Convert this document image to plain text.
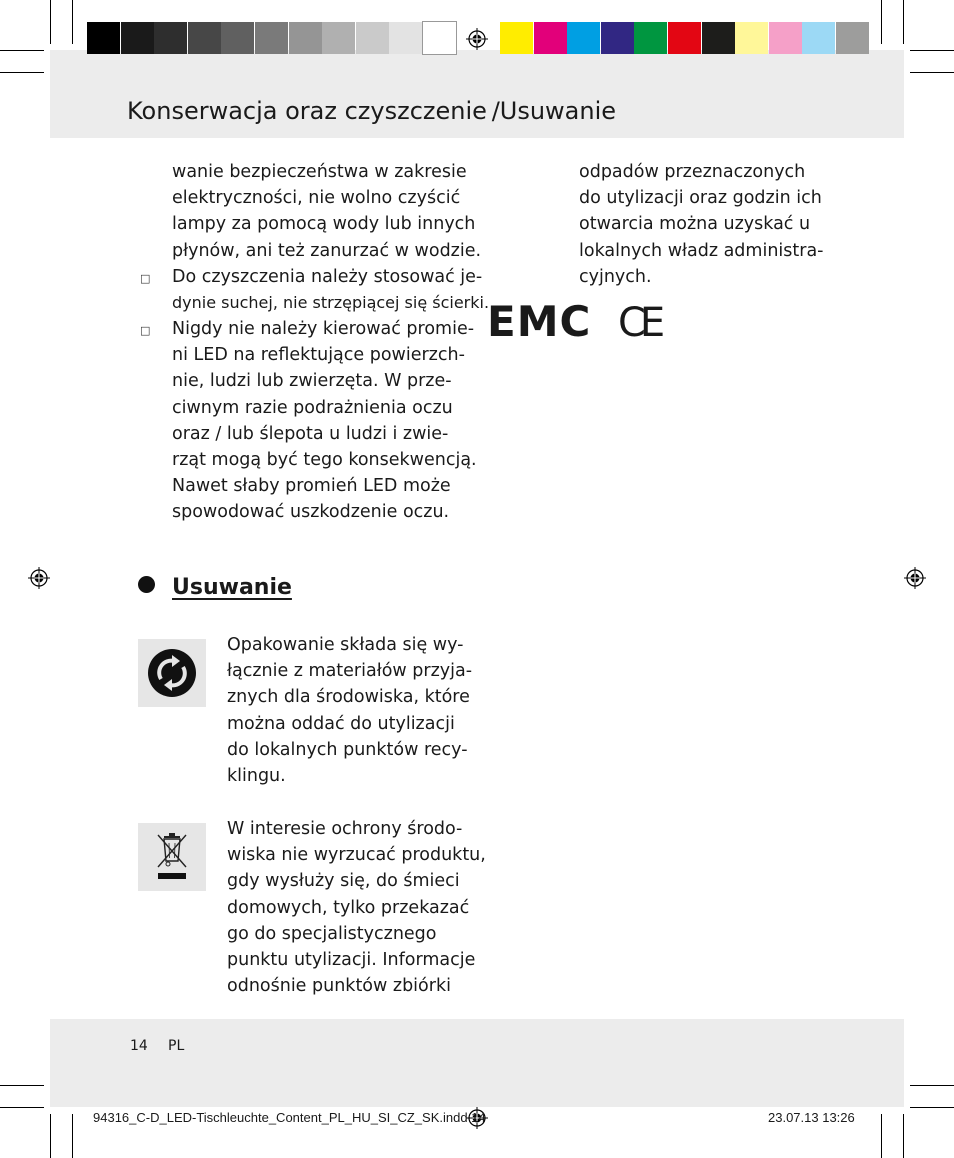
Konserwacja oraz czyszczenie /Usuwanie
wanie bezpieczeństwa w zakresie
elektryczności, nie wolno czyścić
lampy za pomocą wody lub innych
płynów, ani też zanurzać w wodzie.
□ Do czyszczenia należy stosować je-
dynie suchej, nie strzępiącej się ścierki.
□ Nigdy nie należy kierować promie-
ni LED na reflektujące powierzch-
nie, ludzi lub zwierzęta. W prze-
ciwnym razie podrażnienia oczu
oraz / lub ślepota u ludzi i zwie-
rząt mogą być tego konsekwencją.
Nawet słaby promień LED może
spowodować uszkodzenie oczu.
Usuwanie
Opakowanie składa się wy-
łącznie z materiałów przyja-
znych dla środowiska, które
można oddać do utylizacji
do lokalnych punktów recy-
klingu.
W interesie ochrony środo-
wiska nie wyrzucać produktu,
gdy wysłuży się, do śmieci
domowych, tylko przekazać
go do specjalistycznego
punktu utylizacji. Informacje
odnośnie punktów zbiórki
odpadów przeznaczonych
do utylizacji oraz godzin ich
otwarcia można uzyskać u
lokalnych władz administra-
cyjnych.
EMC CE
14 PL
94316_C-D_LED-Tischleuchte_Content_PL_HU_SI_CZ_SK.indd 14	23.07.13 13:26
